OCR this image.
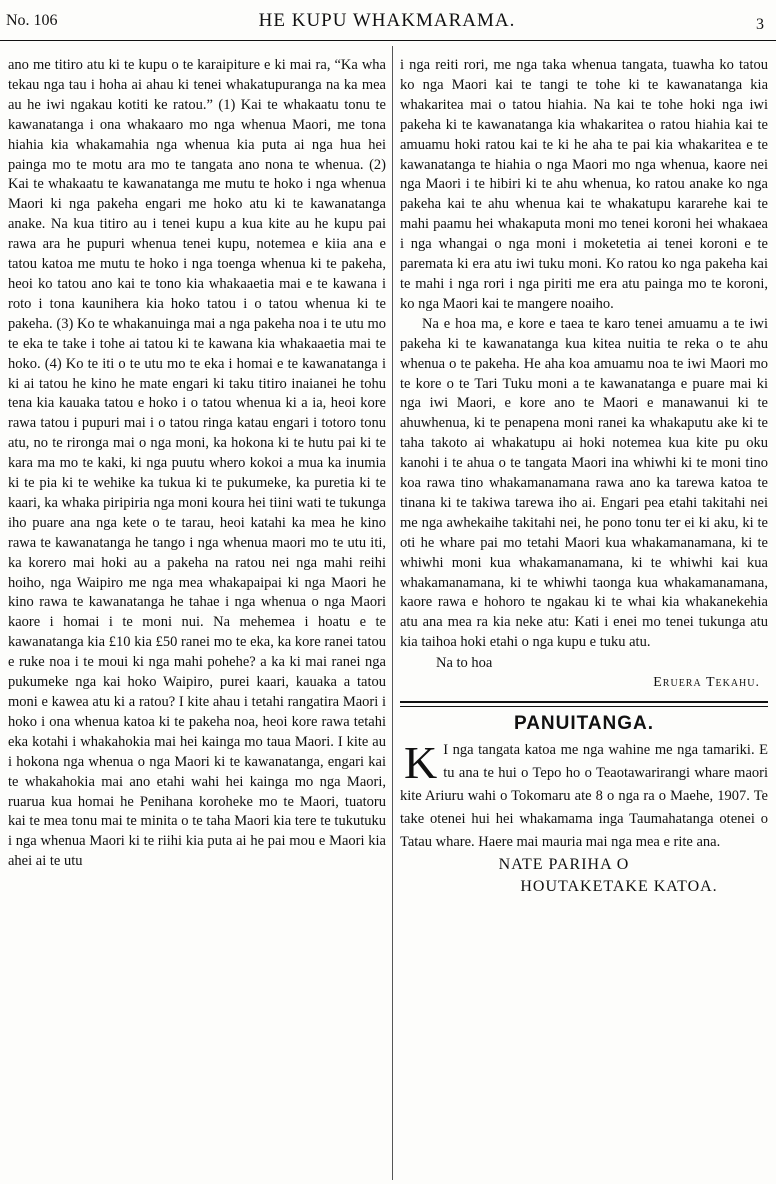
No. 106	HE KUPU WHAKMARAMA.	3

ano me titiro atu ki te kupu o te karaipiture e ki mai ra, “Ka wha tekau nga tau i hoha ai ahau ki tenei whakatupuranga na ka mea au he iwi ngakau kotiti ke ratou.” (1) Kai te whakaatu tonu te kawanatanga i ona whakaaro mo nga whenua Maori, me tona hiahia kia whakamahia nga whenua kia puta ai nga hua hei painga mo te motu ara mo te tangata ano nona te whenua. (2) Kai te whakaatu te kawanatanga me mutu te hoko i nga whenua Maori ki nga pakeha engari me hoko atu ki te kawanatanga anake. Na kua titiro au i tenei kupu a kua kite au he kupu pai rawa ara he pupuri whenua tenei kupu, notemea e kiia ana e tatou katoa me mutu te hoko i nga toenga whenua ki te pakeha, heoi ko tatou ano kai te tono kia whakaaetia mai e te kawana i roto i tona kaunihera kia hoko tatou i o tatou whenua ki te pakeha. (3) Ko te whakanuinga mai a nga pakeha noa i te utu mo te eka te take i tohe ai tatou ki te kawana kia whakaaetia mai te hoko. (4) Ko te iti o te utu mo te eka i homai e te kawanatanga i ki ai tatou he kino he mate engari ki taku titiro inaianei he tohu tena kia kauaka tatou e hoko i o tatou whenua ki a ia, heoi kore rawa tatou i pupuri mai i o tatou ringa katau engari i totoro tonu atu, no te rironga mai o nga moni, ka hokona ki te hutu pai ki te kara ma mo te kaki, ki nga puutu whero kokoi a mua ka inumia ki te pia ki te wehike ka tukua ki te pukumeke, ka puretia ki te kaari, ka whaka piripiria nga moni koura hei tiini wati te tukunga iho puare ana nga kete o te tarau, heoi katahi ka mea he kino rawa te kawanatanga he tango i nga whenua maori mo te utu iti, ka korero mai hoki au a pakeha na ratou nei nga mahi reihi hoiho, nga Waipiro me nga mea whakapaipai ki nga Maori he kino rawa te kawanatanga he tahae i nga whenua o nga Maori kaore i homai i te moni nui. Na mehemea i hoatu e te kawanatanga kia £10 kia £50 ranei mo te eka, ka kore ranei tatou e ruke noa i te moui ki nga mahi pohehe? a ka ki mai ranei nga pukumeke nga kai hoko Waipiro, purei kaari, kauaka a tatou moni e kawea atu ki a ratou? I kite ahau i tetahi rangatira Maori i hoko i ona whenua katoa ki te pakeha noa, heoi kore rawa tetahi eka kotahi i whakahokia mai hei kainga mo taua Maori. I kite au i hokona nga whenua o nga Maori ki te kawanatanga, engari kai te whakahokia mai ano etahi wahi hei kainga mo nga Maori, ruarua kua homai he Penihana koroheke mo te Maori, tuatoru kai te mea tonu mai te minita o te taha Maori kia tere te tukutuku i nga whenua Maori ki te riihi kia puta ai he pai mou e Maori kia ahei ai te utu

i nga reiti rori, me nga taka whenua tangata, tuawha ko tatou ko nga Maori kai te tangi te tohe ki te kawanatanga kia whakaritea mai o tatou hiahia. Na kai te tohe hoki nga iwi pakeha ki te kawanatanga kia whakaritea o ratou hiahia kai te amuamu hoki ratou kai te ki he aha te pai kia whakaritea e te kawanatanga te hiahia o nga Maori mo nga whenua, kaore nei nga Maori i te hibiri ki te ahu whenua, ko ratou anake ko nga pakeha kai te ahu whenua kai te whakatupu kararehe kai te mahi paamu hei whakaputa moni mo tenei koroni hei whakaea i nga whangai o nga moni i moketetia ai tenei koroni e te paremata ki era atu iwi tuku moni. Ko ratou ko nga pakeha kai te mahi i nga rori i nga piriti me era atu painga mo te koroni, ko nga Maori kai te mangere noaiho.

Na e hoa ma, e kore e taea te karo tenei amuamu a te iwi pakeha ki te kawanatanga kua kitea nuitia te reka o te ahu whenua o te pakeha. He aha koa amuamu noa te iwi Maori mo te kore o te Tari Tuku moni a te kawanatanga e puare mai ki nga iwi Maori, e kore ano te Maori e manawanui ki te ahuwhenua, ki te penapena moni ranei ka whakaputu ake ki te taha takoto ai whakatupu ai hoki notemea kua kite pu oku kanohi i te ahua o te tangata Maori ina whiwhi ki te moni tino koa rawa tino whakamanamana rawa ano ka tarewa katoa te tinana ki te takiwa tarewa iho ai. Engari pea etahi takitahi nei me nga awhekaihe takitahi nei, he pono tonu ter ei ki aku, ki te oti he whare pai mo tetahi Maori kua whakamanamana, ki te whiwhi moni kua whakamanamana, ki te whiwhi kai kua whakamanamana, ki te whiwhi taonga kua whakamanamana, kaore rawa e hohoro te ngakau ki te whai kia whakanekehia atu ana mea ra kia neke atu: Kati i enei mo tenei tukunga atu kia taihoa hoki etahi o nga kupu e tuku atu.

Na to hoa
Eruera Tekahu.
PANUITANGA.
K I nga tangata katoa me nga wahine me nga tamariki. E tu ana te hui o Tepo ho o Teaotawarirangi whare maori kite Ariuru wahi o Tokomaru ate 8 o nga ra o Maehe, 1907. Te take otenei hui hei whakamama inga Taumahatanga otenei o Tatau whare. Haere mai mauria mai nga mea e rite ana.
NATE PARIHA O
HOUTAKETAKE KATOA.
